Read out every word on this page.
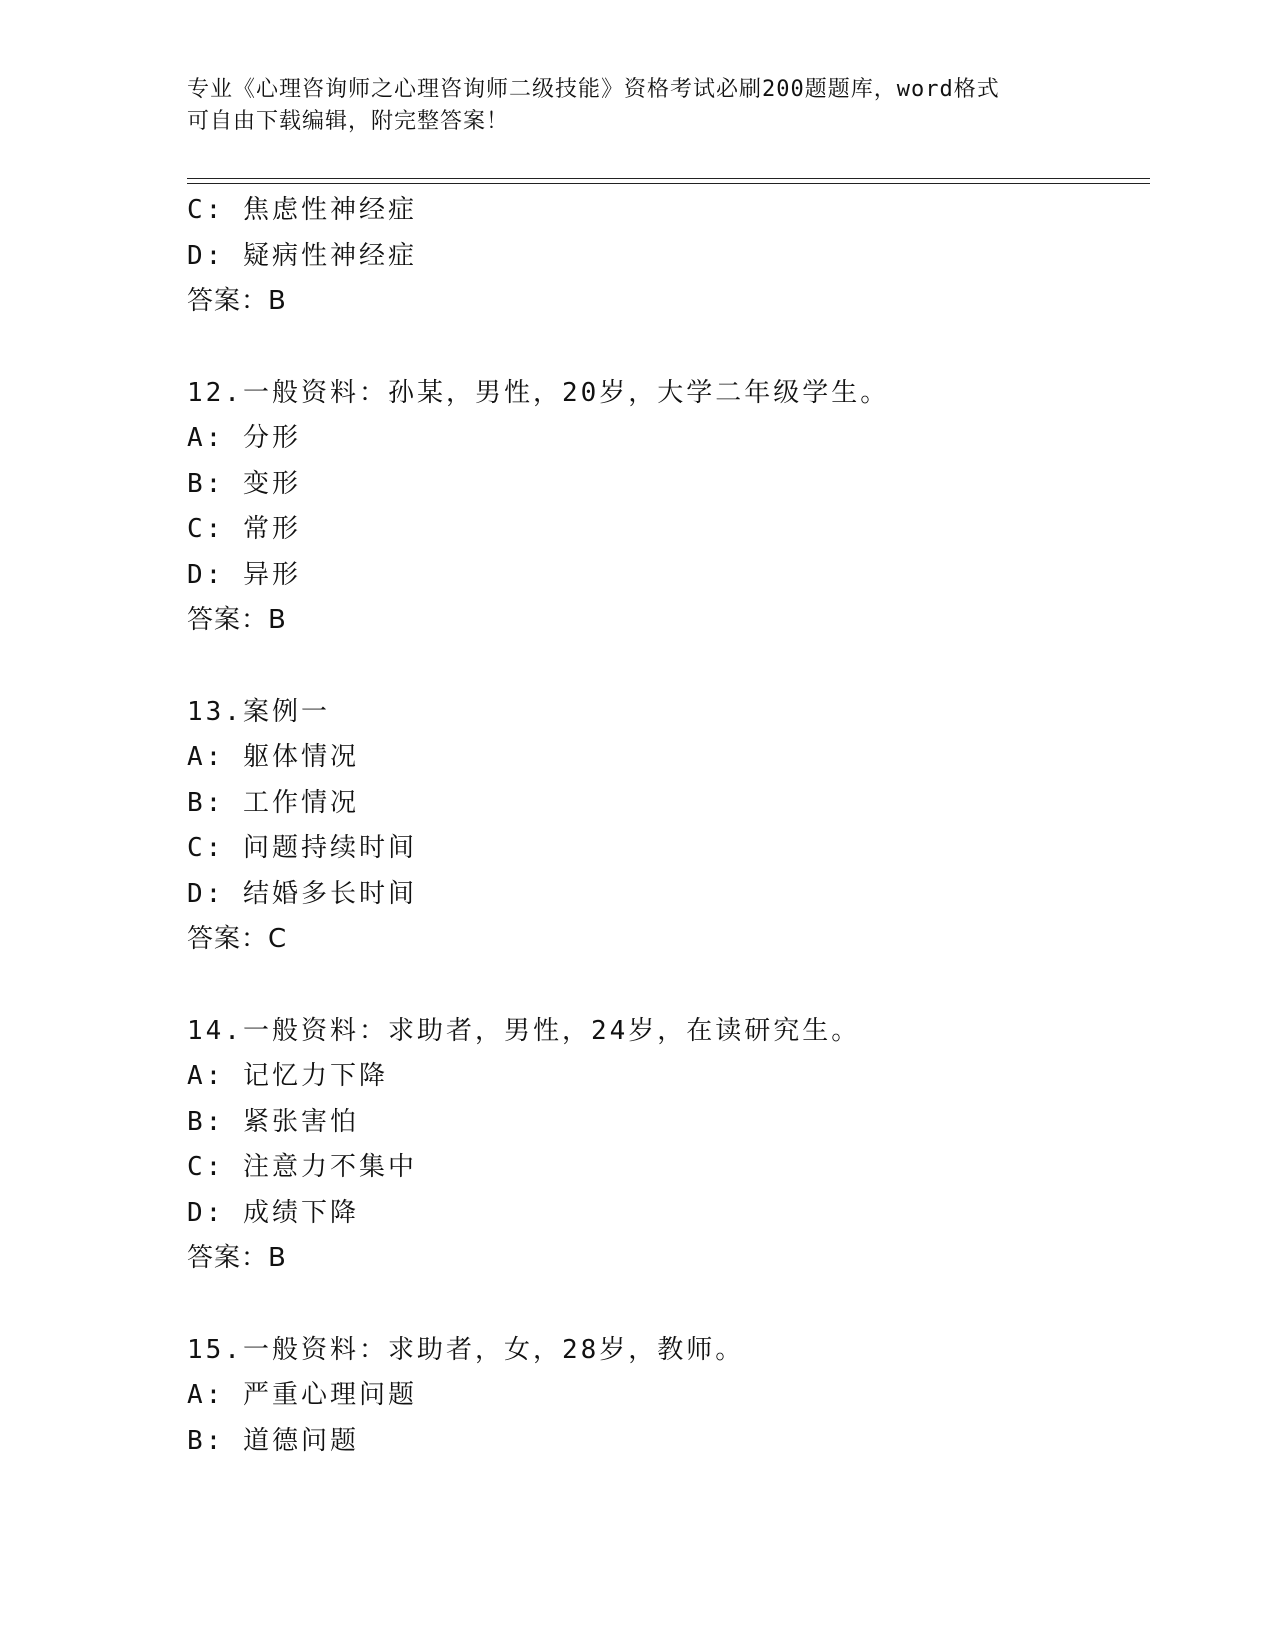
专业《心理咨询师之心理咨询师二级技能》资格考试必刷200题题库，word格式
可自由下载编辑，附完整答案！
C: 焦虑性神经症
D: 疑病性神经症
答案：B
12.一般资料：孙某，男性，20岁，大学二年级学生。
A: 分形
B: 变形
C: 常形
D: 异形
答案：B
13.案例一
A: 躯体情况
B: 工作情况
C: 问题持续时间
D: 结婚多长时间
答案：C
14.一般资料：求助者，男性，24岁，在读研究生。
A: 记忆力下降
B: 紧张害怕
C: 注意力不集中
D: 成绩下降
答案：B
15.一般资料：求助者，女，28岁，教师。
A: 严重心理问题
B: 道德问题
